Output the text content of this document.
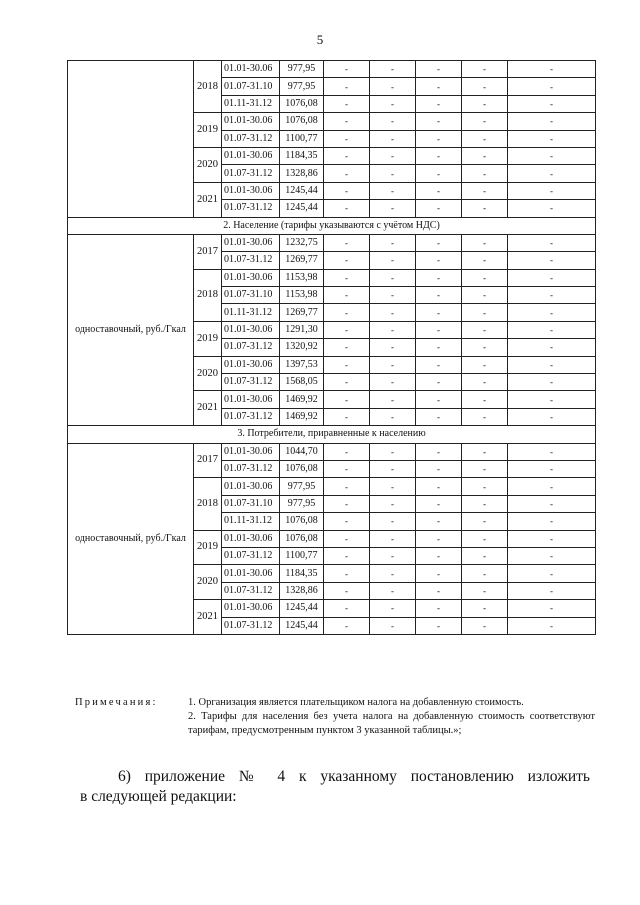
5
	2018	01.01-30.06	977,95	-	-	-	-	-
		01.07-31.10	977,95	-	-	-	-	-
		01.11-31.12	1076,08	-	-	-	-	-
	2019	01.01-30.06	1076,08	-	-	-	-	-
		01.07-31.12	1100,77	-	-	-	-	-
	2020	01.01-30.06	1184,35	-	-	-	-	-
		01.07-31.12	1328,86	-	-	-	-	-
	2021	01.01-30.06	1245,44	-	-	-	-	-
		01.07-31.12	1245,44	-	-	-	-	-
2. Население (тарифы указываются с учётом НДС)								
одноставочный, руб./Гкал	2017	01.01-30.06	1232,75	-	-	-	-	-
		01.07-31.12	1269,77	-	-	-	-	-
	2018	01.01-30.06	1153,98	-	-	-	-	-
		01.07-31.10	1153,98	-	-	-	-	-
		01.11-31.12	1269,77	-	-	-	-	-
	2019	01.01-30.06	1291,30	-	-	-	-	-
		01.07-31.12	1320,92	-	-	-	-	-
	2020	01.01-30.06	1397,53	-	-	-	-	-
		01.07-31.12	1568,05	-	-	-	-	-
	2021	01.01-30.06	1469,92	-	-	-	-	-
		01.07-31.12	1469,92	-	-	-	-	-
3. Потребители, приравненные к населению								
одноставочный, руб./Гкал	2017	01.01-30.06	1044,70	-	-	-	-	-
		01.07-31.12	1076,08	-	-	-	-	-
	2018	01.01-30.06	977,95	-	-	-	-	-
		01.07-31.10	977,95	-	-	-	-	-
		01.11-31.12	1076,08	-	-	-	-	-
	2019	01.01-30.06	1076,08	-	-	-	-	-
		01.07-31.12	1100,77	-	-	-	-	-
	2020	01.01-30.06	1184,35	-	-	-	-	-
		01.07-31.12	1328,86	-	-	-	-	-
	2021	01.01-30.06	1245,44	-	-	-	-	-
		01.07-31.12	1245,44	-	-	-	-	-
Примечания:	1. Организация является плательщиком налога на добавленную стоимость.
2. Тарифы для населения без учета налога на добавленную стоимость соответствуют тарифам, предусмотренным пунктом 3 указанной таблицы.»;
6) приложение № 4 к указанному постановлению изложить
в следующей редакции:
